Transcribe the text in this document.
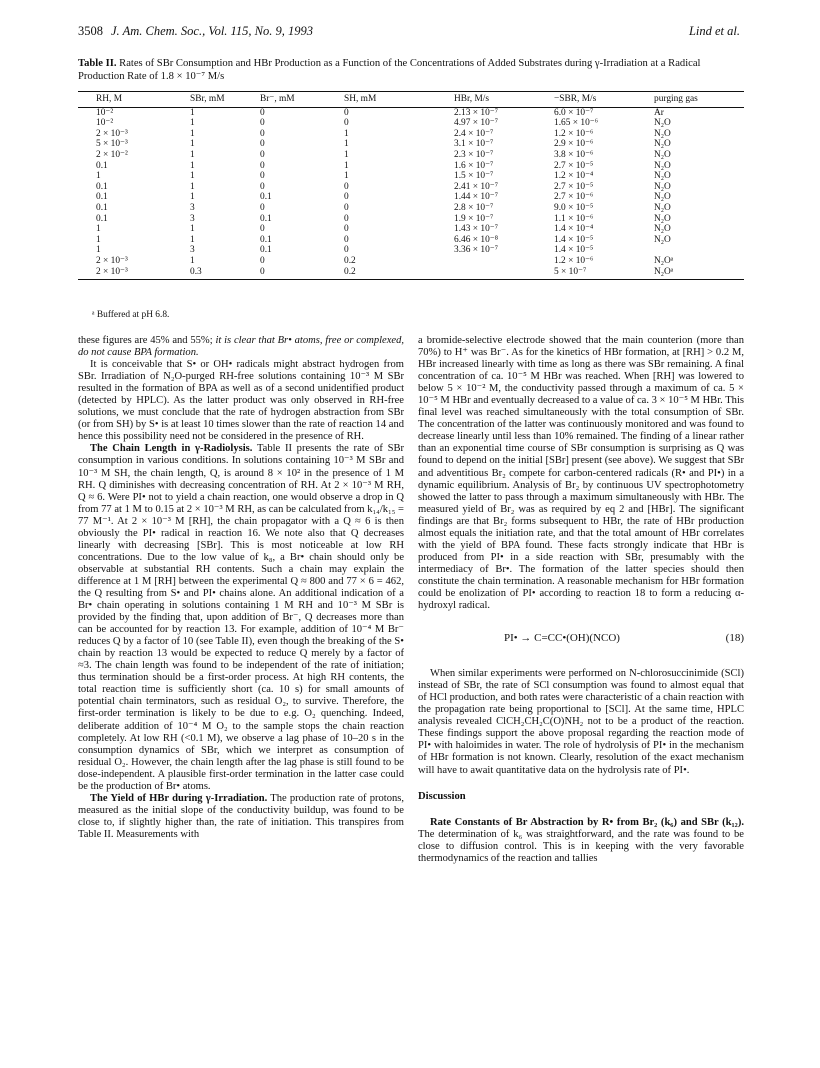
3508 J. Am. Chem. Soc., Vol. 115, No. 9, 1993	Lind et al.
Table II. Rates of SBr Consumption and HBr Production as a Function of the Concentrations of Added Substrates during γ-Irradiation at a Radical Production Rate of 1.8 × 10⁻⁷ M/s
RH, M	SBr, mM	Br⁻, mM	SH, mM	HBr, M/s	−SBR, M/s	purging gas
10⁻²	1	0	0	2.13 × 10⁻⁷	6.0 × 10⁻⁷	Ar
10⁻²	1	0	0	4.97 × 10⁻⁷	1.65 × 10⁻⁶	N₂O
2 × 10⁻³	1	0	1	2.4 × 10⁻⁷	1.2 × 10⁻⁶	N₂O
5 × 10⁻³	1	0	1	3.1 × 10⁻⁷	2.9 × 10⁻⁶	N₂O
2 × 10⁻²	1	0	1	2.3 × 10⁻⁷	3.8 × 10⁻⁶	N₂O
0.1	1	0	1	1.6 × 10⁻⁷	2.7 × 10⁻⁵	N₂O
1	1	0	1	1.5 × 10⁻⁷	1.2 × 10⁻⁴	N₂O
0.1	1	0	0	2.41 × 10⁻⁷	2.7 × 10⁻⁵	N₂O
0.1	1	0.1	0	1.44 × 10⁻⁷	2.7 × 10⁻⁶	N₂O
0.1	3	0	0	2.8 × 10⁻⁷	9.0 × 10⁻⁵	N₂O
0.1	3	0.1	0	1.9 × 10⁻⁷	1.1 × 10⁻⁶	N₂O
1	1	0	0	1.43 × 10⁻⁷	1.4 × 10⁻⁴	N₂O
1	1	0.1	0	6.46 × 10⁻⁸	1.4 × 10⁻⁵	N₂O
1	3	0.1	0	3.36 × 10⁻⁷	1.4 × 10⁻⁵	
2 × 10⁻³	1	0	0.2		1.2 × 10⁻⁶	N₂Oᵃ
2 × 10⁻³	0.3	0	0.2		5 × 10⁻⁷	N₂Oᵃ
ᵃ Buffered at pH 6.8.

these figures are 45% and 55%; it is clear that Br• atoms, free or complexed, do not cause BPA formation.

It is conceivable that S• or OH• radicals might abstract hydrogen from SBr. Irradiation of N₂O-purged RH-free solutions containing 10⁻³ M SBr resulted in the formation of BPA as well as of a second unidentified product (detected by HPLC). As the latter product was only observed in RH-free solutions, we must conclude that the rate of hydrogen abstraction from SBr (or from SH) by S• is at least 10 times slower than the rate of reaction 14 and hence this possibility need not be considered in the presence of RH.

The Chain Length in γ-Radiolysis. Table II presents the rate of SBr consumption in various conditions. In solutions containing 10⁻³ M SBr and 10⁻³ M SH, the chain length, Q, is around 8 × 10² in the presence of 1 M RH. Q diminishes with decreasing concentration of RH. At 2 × 10⁻³ M RH, Q ≈ 6. Were PI• not to yield a chain reaction, one would observe a drop in Q from 77 at 1 M to 0.15 at 2 × 10⁻³ M RH, as can be calculated from k₁₄/k₁₅ = 77 M⁻¹. At 2 × 10⁻³ M [RH], the chain propagator with a Q ≈ 6 is then obviously the PI• radical in reaction 16. We note also that Q decreases linearly with decreasing [SBr]. This is most noticeable at low RH concentrations. Due to the low value of k₈, a Br• chain should only be observable at substantial RH contents. Such a chain may explain the difference at 1 M [RH] between the experimental Q ≈ 800 and 77 × 6 = 462, the Q resulting from S• and PI• chains alone. An additional indication of a Br• chain operating in solutions containing 1 M RH and 10⁻³ M SBr is provided by the finding that, upon addition of Br⁻, Q decreases more than can be accounted for by reaction 13. For example, addition of 10⁻⁴ M Br⁻ reduces Q by a factor of 10 (see Table II), even though the breaking of the S• chain by reaction 13 would be expected to reduce Q merely by a factor of ≈3. The chain length was found to be independent of the rate of initiation; thus termination should be a first-order process. At high RH contents, the total reaction time is sufficiently short (ca. 10 s) for small amounts of potential chain terminators, such as residual O₂, to survive. Therefore, the first-order termination is likely to be due to e.g. O₂ quenching. Indeed, deliberate addition of 10⁻⁴ M O₂ to the sample stops the chain reaction completely. At low RH (<0.1 M), we observe a lag phase of 10–20 s in the consumption dynamics of SBr, which we interpret as consumption of residual O₂. However, the chain length after the lag phase is still found to be dose-independent. A plausible first-order termination in the latter case could be the production of Br• atoms.

The Yield of HBr during γ-Irradiation. The production rate of protons, measured as the initial slope of the conductivity buildup, was found to be close to, if slightly higher than, the rate of initiation. This transpires from Table II. Measurements with

a bromide-selective electrode showed that the main counterion (more than 70%) to H⁺ was Br⁻. As for the kinetics of HBr formation, at [RH] > 0.2 M, HBr increased linearly with time as long as there was SBr remaining. A final concentration of ca. 10⁻⁵ M HBr was reached. When [RH] was lowered to below 5 × 10⁻² M, the conductivity passed through a maximum of ca. 5 × 10⁻⁵ M HBr and eventually decreased to a value of ca. 3 × 10⁻⁵ M HBr. This final level was reached simultaneously with the total consumption of SBr. The concentration of the latter was continuously monitored and was found to decrease linearly until less than 10% remained. The finding of a linear rather than an exponential time course of SBr consumption is surprising as Q was found to depend on the initial [SBr] present (see above). We suggest that SBr and adventitious Br₂ compete for carbon-centered radicals (R• and PI•) in a dynamic equilibrium. Analysis of Br₂ by continuous UV spectrophotometry showed the latter to pass through a maximum simultaneously with HBr. The measured yield of Br₂ was as required by eq 2 and [HBr]. The significant findings are that Br₂ forms subsequent to HBr, the rate of HBr production almost equals the initiation rate, and that the total amount of HBr correlates with the yield of BPA found. These facts strongly indicate that HBr is produced from PI• in a side reaction with SBr, presumably with the intermediacy of Br•. The formation of the latter species should then constitute the chain termination. A reasonable mechanism for HBr formation could be enolization of PI• according to reaction 18 to form a reducing α-hydroxyl radical.

PI• → C=CC•(OH)(NCO)	(18)

When similar experiments were performed on N-chlorosuccinimide (SCl) instead of SBr, the rate of SCl consumption was found to almost equal that of HCl production, and both rates were characteristic of a chain reaction with the propagation rate being proportional to [SCl]. At the same time, HPLC analysis revealed ClCH₂CH₂C(O)NH₂ not to be a product of the reaction. These findings support the above proposal regarding the reaction mode of PI• with haloimides in water. The role of hydrolysis of PI• in the mechanism of HBr formation is not known. Clearly, resolution of the exact mechanism will have to await quantitative data on the hydrolysis rate of PI•.

Discussion

Rate Constants of Br Abstraction by R• from Br₂ (k₆) and SBr (k₁₂). The determination of k₆ was straightforward, and the rate was found to be close to diffusion control. This is in keeping with the very favorable thermodynamics of the reaction and tallies
